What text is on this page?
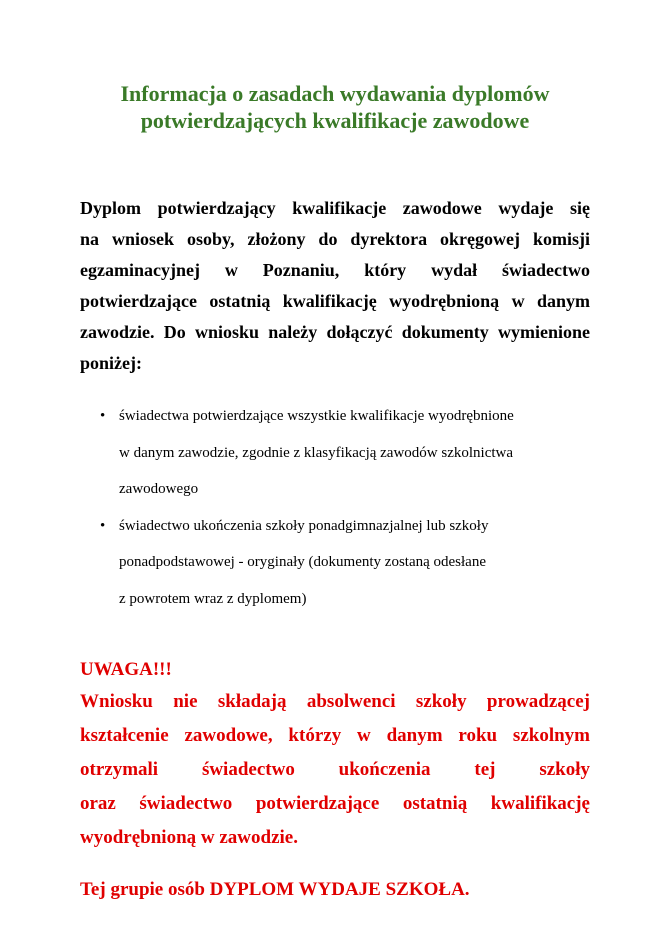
Informacja o zasadach wydawania dyplomów
potwierdzających kwalifikacje zawodowe
Dyplom potwierdzający kwalifikacje zawodowe wydaje się
na wniosek osoby, złożony do dyrektora okręgowej komisji
egzaminacyjnej w Poznaniu, który wydał świadectwo
potwierdzające ostatnią kwalifikację wyodrębnioną w danym
zawodzie. Do wniosku należy dołączyć dokumenty wymienione
poniżej:
• świadectwa potwierdzające wszystkie kwalifikacje wyodrębnione
w danym zawodzie, zgodnie z klasyfikacją zawodów szkolnictwa
zawodowego
• świadectwo ukończenia szkoły ponadgimnazjalnej lub szkoły
ponadpodstawowej - oryginały (dokumenty zostaną odesłane
z powrotem wraz z dyplomem)
UWAGA!!!
Wniosku nie składają absolwenci szkoły prowadzącej
kształcenie zawodowe, którzy w danym roku szkolnym
otrzymali świadectwo ukończenia tej szkoły
oraz świadectwo potwierdzające ostatnią kwalifikację
wyodrębnioną w zawodzie.
Tej grupie osób DYPLOM WYDAJE SZKOŁA.
